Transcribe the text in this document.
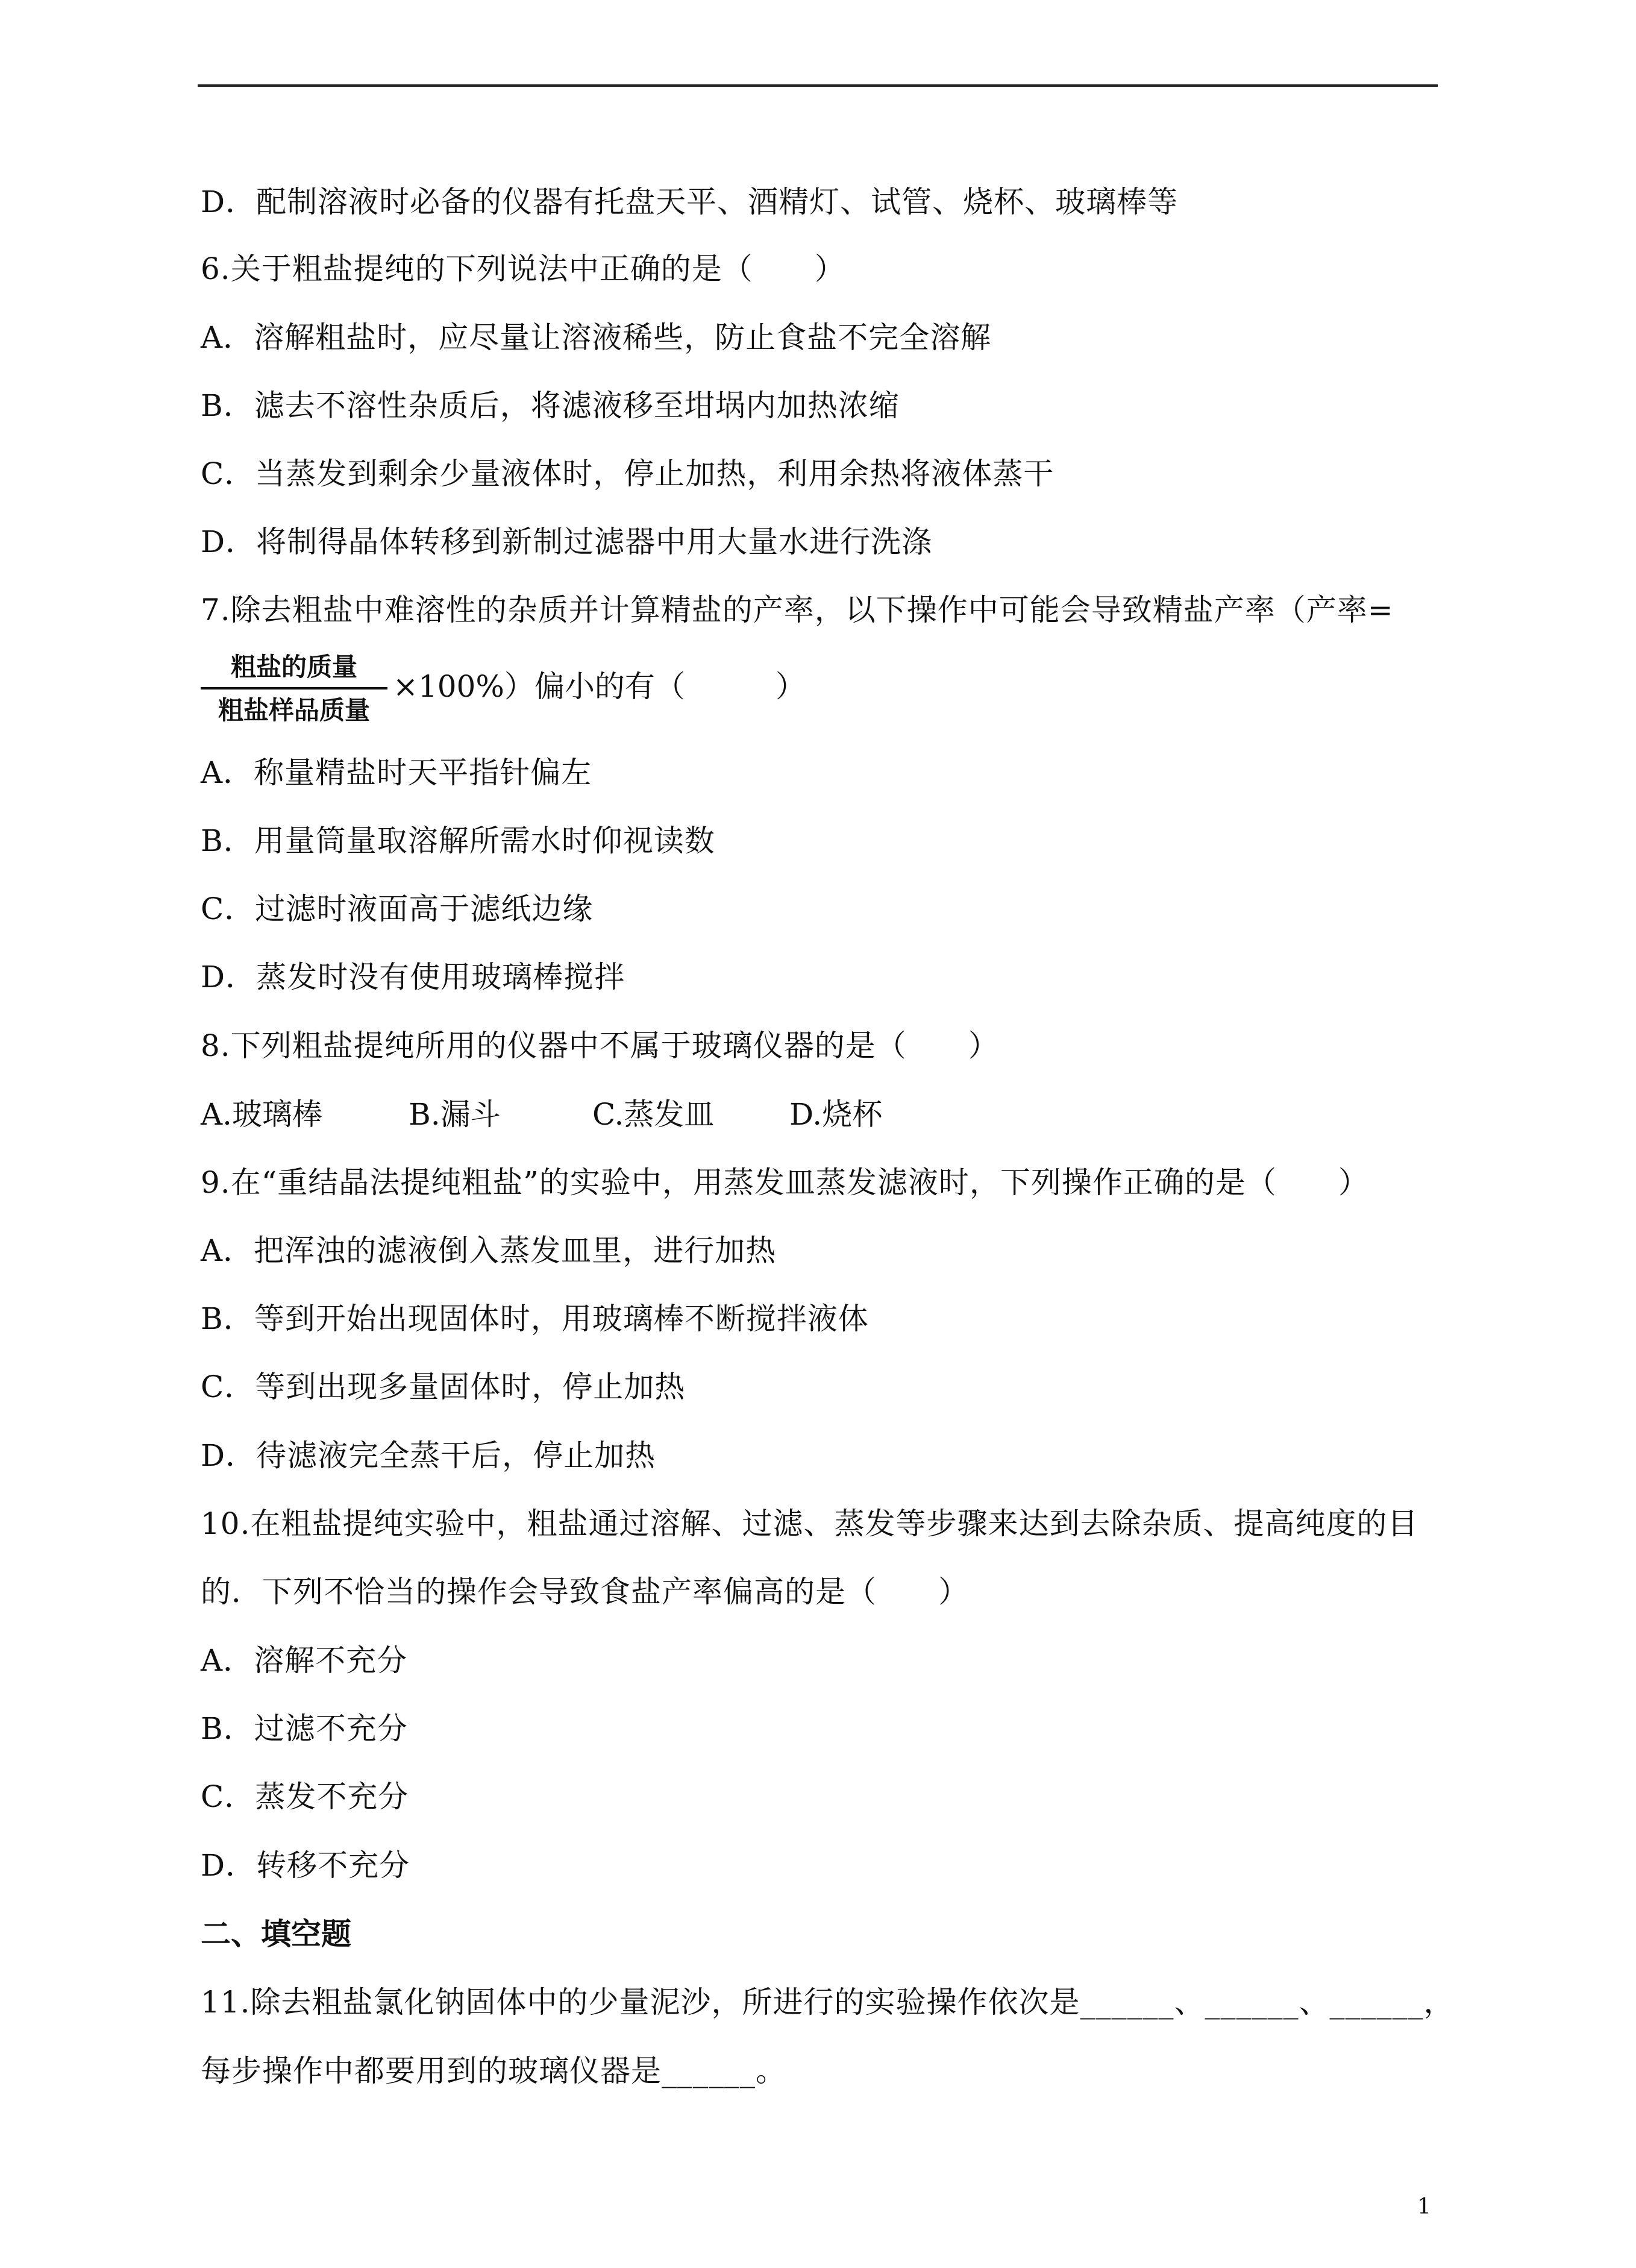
D．配制溶液时必备的仪器有托盘天平、酒精灯、试管、烧杯、玻璃棒等
6.关于粗盐提纯的下列说法中正确的是（　　）
A．溶解粗盐时，应尽量让溶液稀些，防止食盐不完全溶解
B．滤去不溶性杂质后，将滤液移至坩埚内加热浓缩
C．当蒸发到剩余少量液体时，停止加热，利用余热将液体蒸干
D．将制得晶体转移到新制过滤器中用大量水进行洗涤
7.除去粗盐中难溶性的杂质并计算精盐的产率，以下操作中可能会导致精盐产率（产率=
粗盐的质量
粗盐样品质量
×100%）偏小的有（　　　）
A．称量精盐时天平指针偏左
B．用量筒量取溶解所需水时仰视读数
C．过滤时液面高于滤纸边缘
D．蒸发时没有使用玻璃棒搅拌
8.下列粗盐提纯所用的仪器中不属于玻璃仪器的是（　　）
A.玻璃棒	B.漏斗	C.蒸发皿 D.烧杯
9.在“重结晶法提纯粗盐”的实验中，用蒸发皿蒸发滤液时，下列操作正确的是（　　）
A．把浑浊的滤液倒入蒸发皿里，进行加热
B．等到开始出现固体时，用玻璃棒不断搅拌液体
C．等到出现多量固体时，停止加热
D．待滤液完全蒸干后，停止加热
10.在粗盐提纯实验中，粗盐通过溶解、过滤、蒸发等步骤来达到去除杂质、提高纯度的目
的．下列不恰当的操作会导致食盐产率偏高的是（　　）
A．溶解不充分
B．过滤不充分
C．蒸发不充分
D．转移不充分
二、填空题
11.除去粗盐氯化钠固体中的少量泥沙，所进行的实验操作依次是______、______、______，
每步操作中都要用到的玻璃仪器是______。
1
